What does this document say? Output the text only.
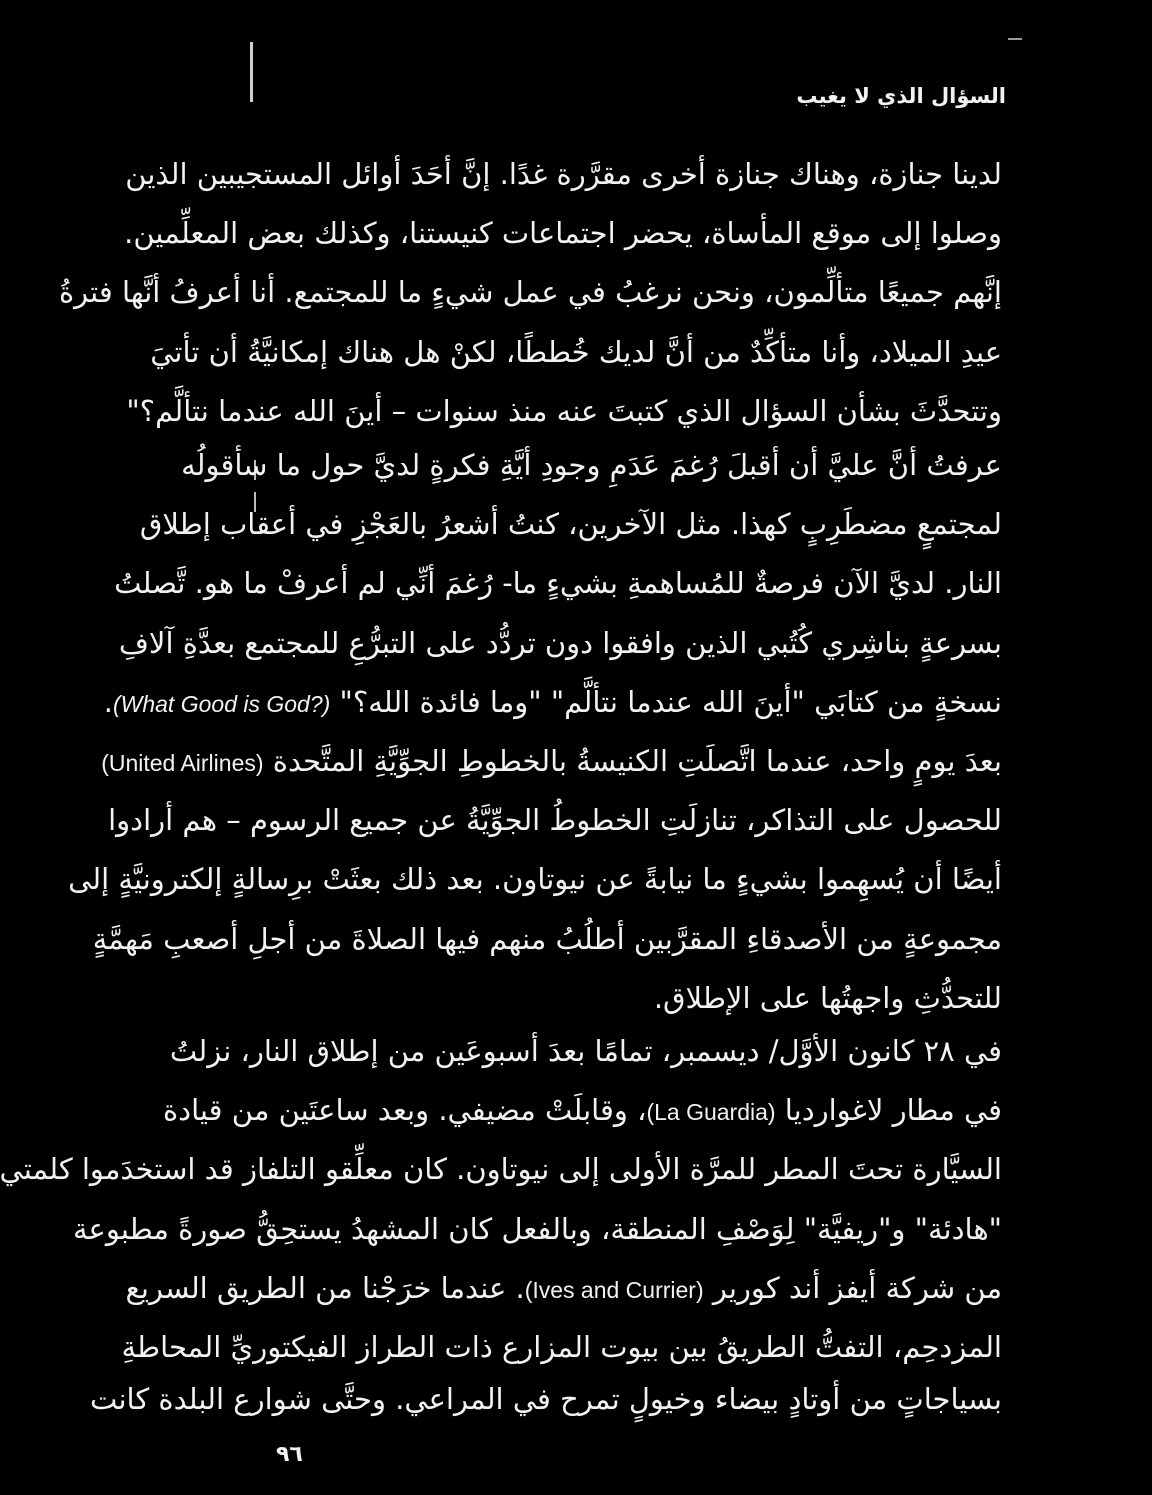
السؤال الذي لا يغيب
لدينا جنازة، وهناك جنازة أخرى مقرَّرة غدًا. إنَّ أحَدَ أوائل المستجيبين الذين
وصلوا إلى موقع المأساة، يحضر اجتماعات كنيستنا، وكذلك بعض المعلِّمين.
إنَّهم جميعًا متألِّمون، ونحن نرغبُ في عمل شيءٍ ما للمجتمع. أنا أعرفُ أنَّها فترةُ
عيدِ الميلاد، وأنا متأكِّدٌ من أنَّ لديك خُططًا، لكنْ هل هناك إمكانيَّةُ أن تأتيَ
وتتحدَّثَ بشأن السؤال الذي كتبتَ عنه منذ سنوات – أينَ الله عندما نتألَّم؟"
عرفتُ أنَّ عليَّ أن أقبلَ رُغمَ عَدَمِ وجودِ أيَّةِ فكرةٍ لديَّ حول ما سأقولُه
لمجتمعٍ مضطَرِبٍ كهذا. مثل الآخرين، كنتُ أشعرُ بالعَجْزِ في أعقاب إطلاق
النار. لديَّ الآن فرصةٌ للمُساهمةِ بشيءٍ ما- رُغمَ أنِّي لم أعرفْ ما هو. تَّصلتُ
بسرعةٍ بناشِري كُتُبي الذين وافقوا دون تردُّد على التبرُّعِ للمجتمع بعدَّةِ آلافِ
نسخةٍ من كتابَي "أينَ الله عندما نتألَّم" "وما فائدة الله؟" (What Good is God?).
بعدَ يومٍ واحد، عندما اتَّصلَتِ الكنيسةُ بالخطوطِ الجوِّيَّةِ المتَّحدة (United Airlines)
للحصول على التذاكر، تنازلَتِ الخطوطُ الجوِّيَّةُ عن جميع الرسوم – هم أرادوا
أيضًا أن يُسهِموا بشيءٍ ما نيابةً عن نيوتاون. بعد ذلك بعثَتْ برِسالةٍ إلكترونيَّةٍ إلى
مجموعةٍ من الأصدقاءِ المقرَّبين أطلُبُ منهم فيها الصلاةَ من أجلِ أصعبِ مَهمَّةٍ
للتحدُّثِ واجهتُها على الإطلاق.
في ٢٨ كانون الأوَّل/ ديسمبر، تمامًا بعدَ أسبوعَين من إطلاق النار، نزلتُ
في مطار لاغوارديا (La Guardia)، وقابلَتْ مضيفي. وبعد ساعتَين من قيادة
السيَّارة تحتَ المطر للمرَّة الأولى إلى نيوتاون. كان معلِّقو التلفاز قد استخدَموا كلمتي
"هادئة" و"ريفيَّة" لِوَصْفِ المنطقة، وبالفعل كان المشهدُ يستحِقُّ صورةً مطبوعة
من شركة أيفز أند كورير (Ives and Currier). عندما خرَجْنا من الطريق السريع
المزدحِم، التفتُّ الطريقُ بين بيوت المزارع ذات الطراز الفيكتوريِّ المحاطةِ
بسياجاتٍ من أوتادٍ بيضاء وخيولٍ تمرح في المراعي. وحتَّى شوارع البلدة كانت
٩٦
